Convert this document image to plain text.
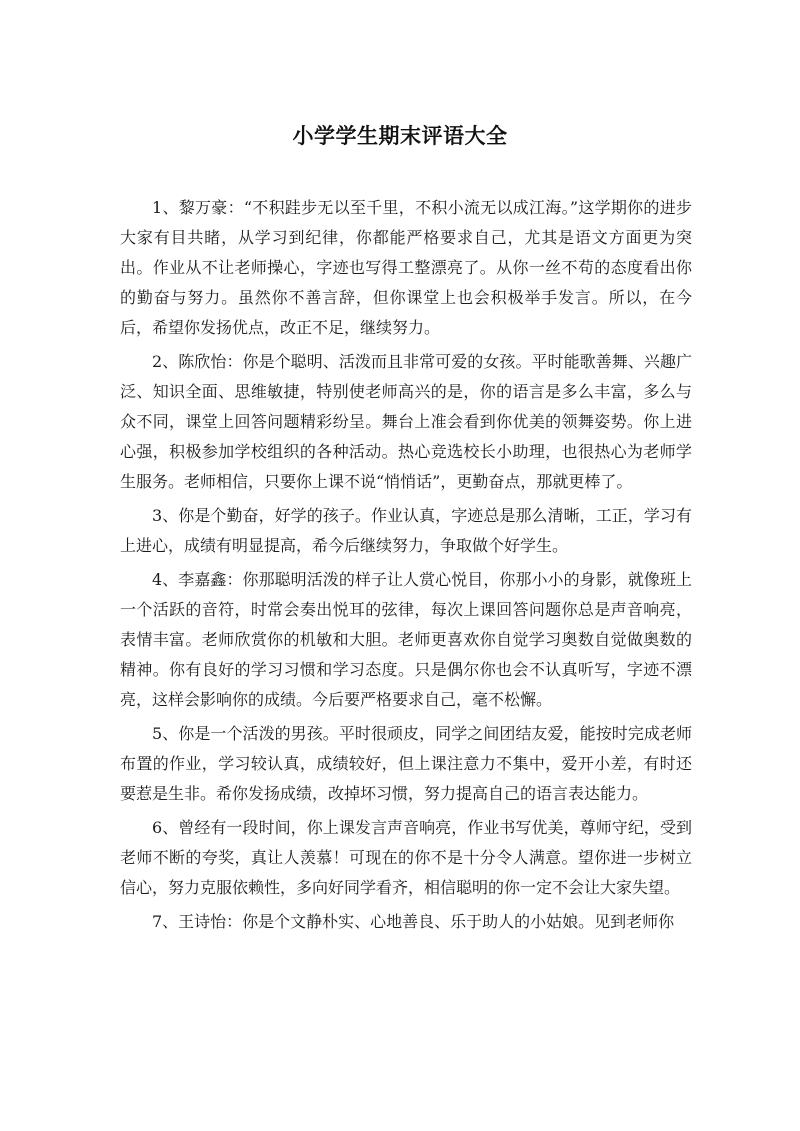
小学学生期末评语大全

1、黎万豪：“不积跬步无以至千里，不积小流无以成江海。”这学期你的进步大家有目共睹，从学习到纪律，你都能严格要求自己，尤其是语文方面更为突出。作业从不让老师操心，字迹也写得工整漂亮了。从你一丝不苟的态度看出你的勤奋与努力。虽然你不善言辞，但你课堂上也会积极举手发言。所以，在今后，希望你发扬优点，改正不足，继续努力。

2、陈欣怡：你是个聪明、活泼而且非常可爱的女孩。平时能歌善舞、兴趣广泛、知识全面、思维敏捷，特别使老师高兴的是，你的语言是多么丰富，多么与众不同，课堂上回答问题精彩纷呈。舞台上准会看到你优美的领舞姿势。你上进心强，积极参加学校组织的各种活动。热心竞选校长小助理，也很热心为老师学生服务。老师相信，只要你上课不说“悄悄话”，更勤奋点，那就更棒了。

3、你是个勤奋，好学的孩子。作业认真，字迹总是那么清晰，工正，学习有上进心，成绩有明显提高，希今后继续努力，争取做个好学生。

4、李嘉鑫：你那聪明活泼的样子让人赏心悦目，你那小小的身影，就像班上一个活跃的音符，时常会奏出悦耳的弦律，每次上课回答问题你总是声音响亮，表情丰富。老师欣赏你的机敏和大胆。老师更喜欢你自觉学习奥数自觉做奥数的精神。你有良好的学习习惯和学习态度。只是偶尔你也会不认真听写，字迹不漂亮，这样会影响你的成绩。今后要严格要求自己，毫不松懈。

5、你是一个活泼的男孩。平时很顽皮，同学之间团结友爱，能按时完成老师布置的作业，学习较认真，成绩较好，但上课注意力不集中，爱开小差，有时还要惹是生非。希你发扬成绩，改掉坏习惯，努力提高自己的语言表达能力。

6、曾经有一段时间，你上课发言声音响亮，作业书写优美，尊师守纪，受到老师不断的夸奖，真让人羡慕！可现在的你不是十分令人满意。望你进一步树立信心，努力克服依赖性，多向好同学看齐，相信聪明的你一定不会让大家失望。

7、王诗怡：你是个文静朴实、心地善良、乐于助人的小姑娘。见到老师你
